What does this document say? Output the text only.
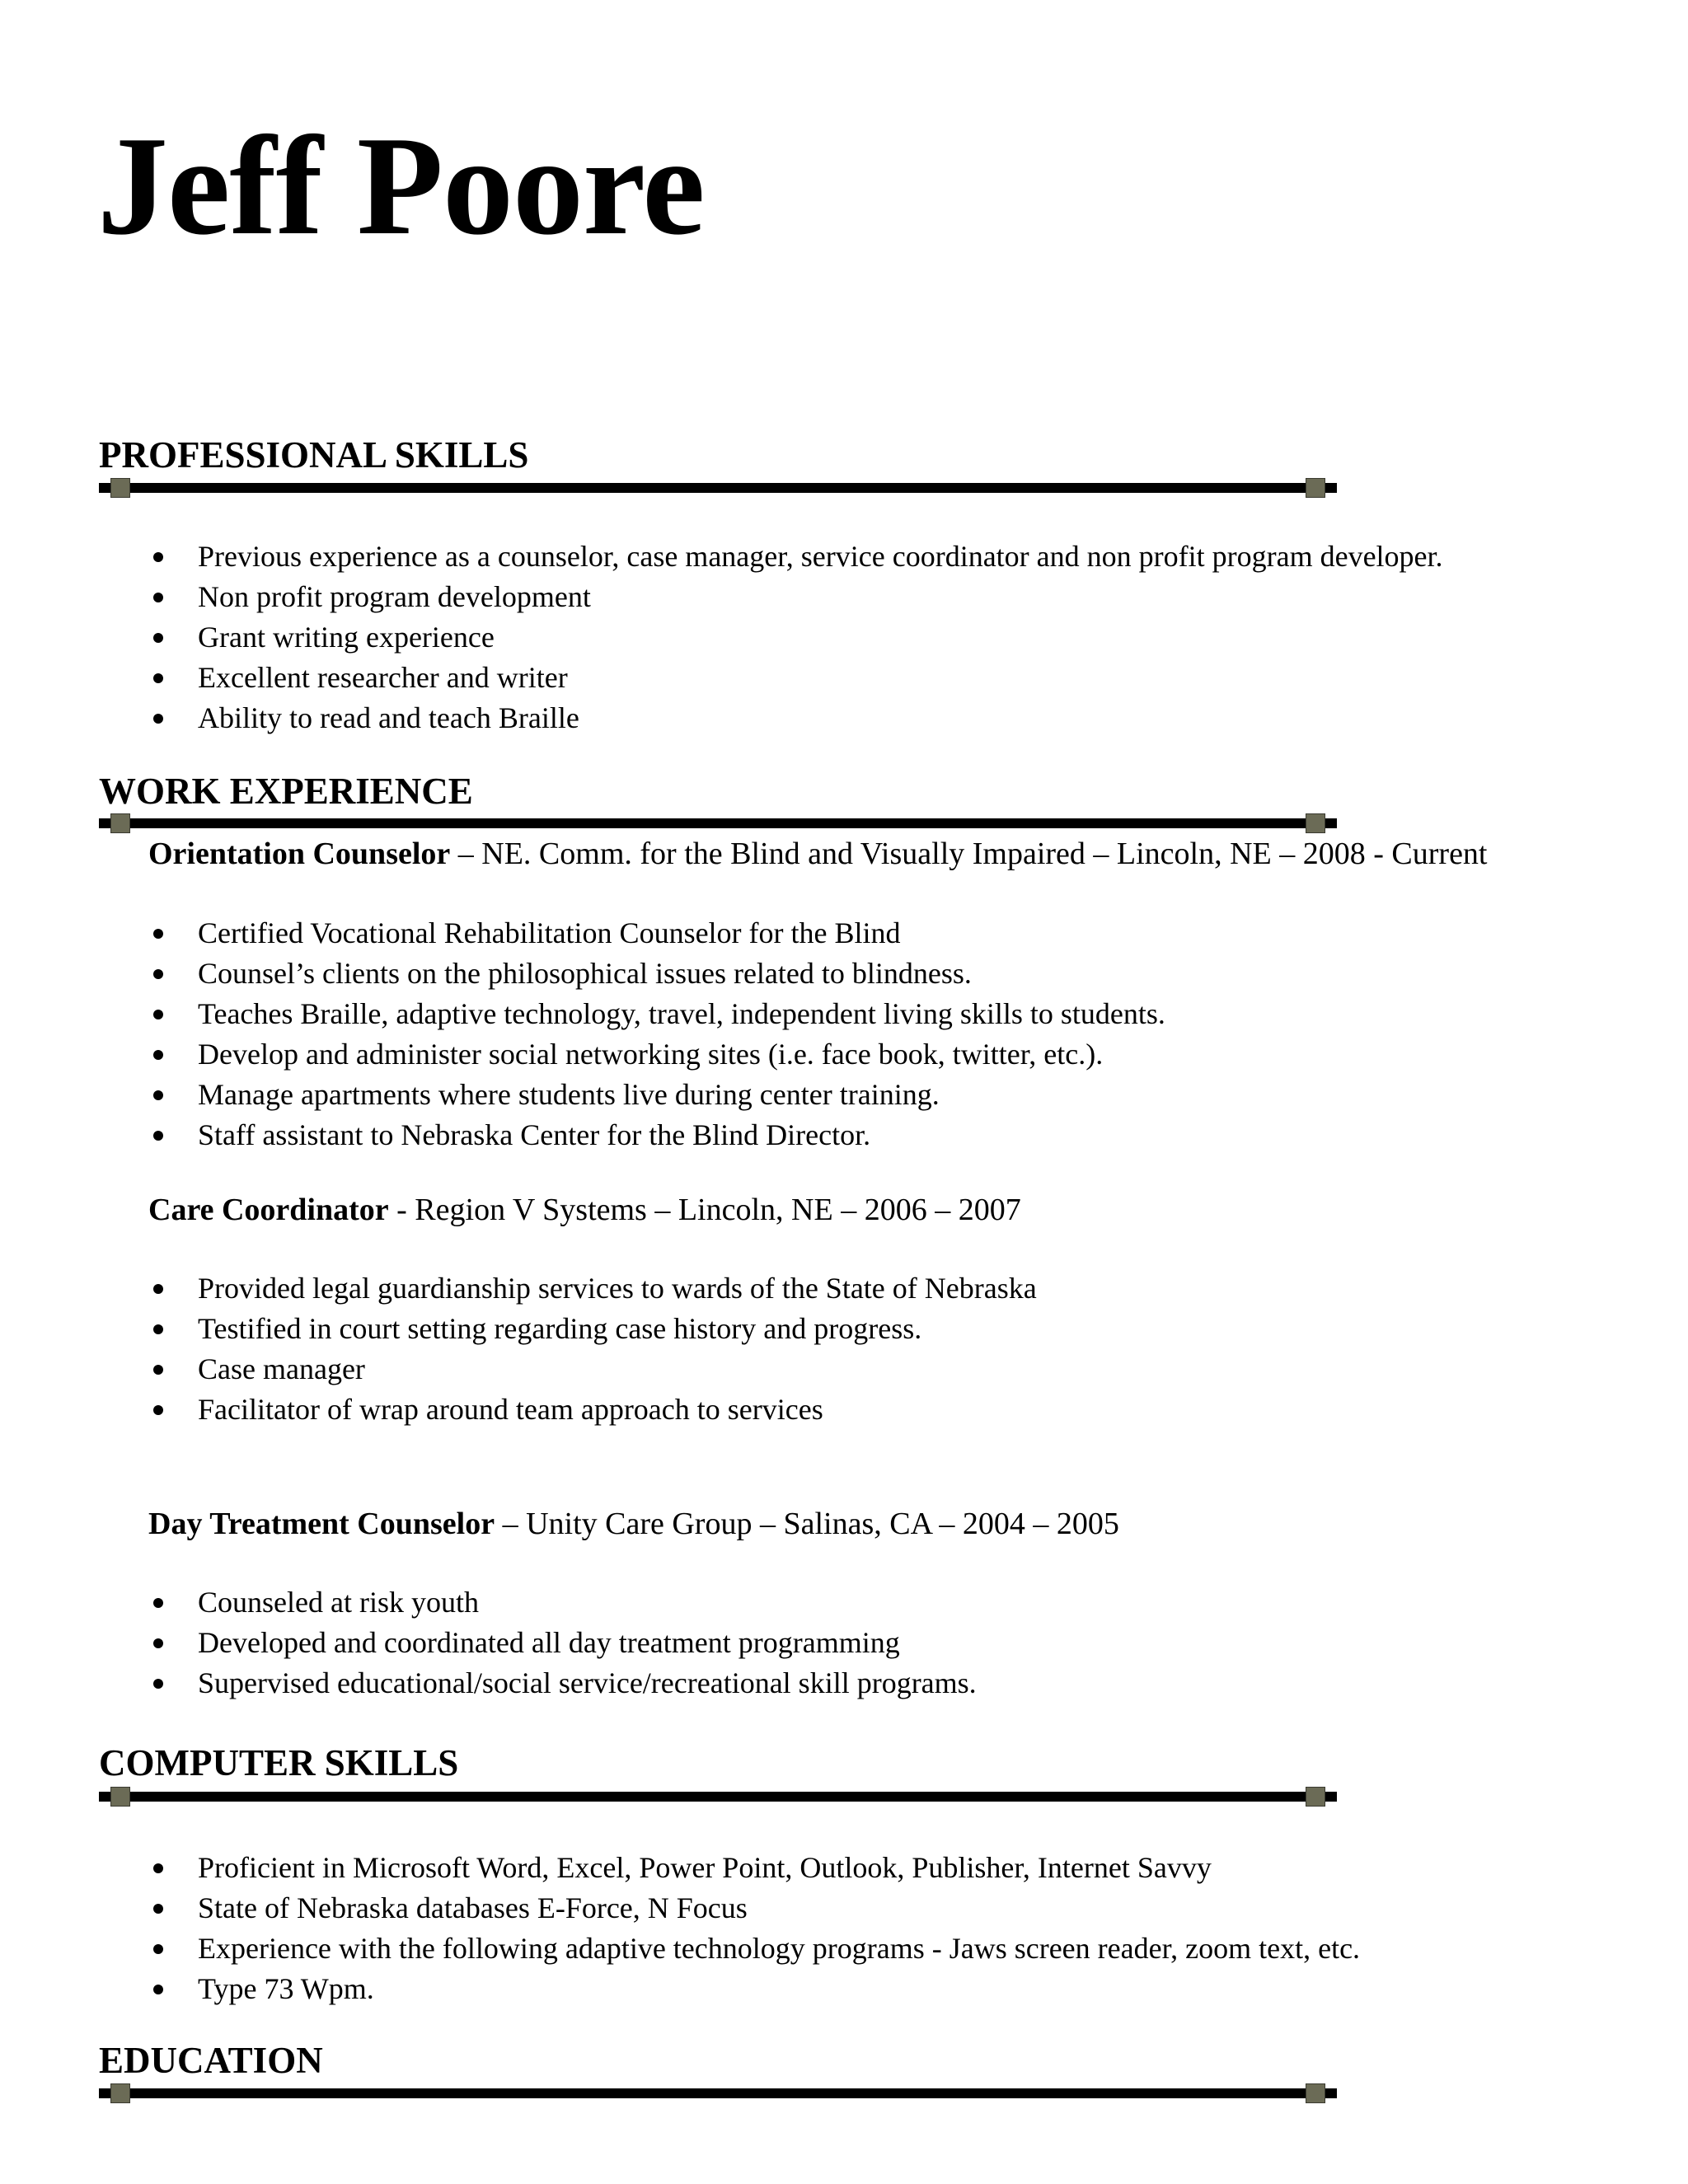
Jeff Poore
PROFESSIONAL SKILLS
Previous experience as a counselor, case manager, service coordinator and non profit program developer.
Non profit program development
Grant writing experience
Excellent researcher and writer
Ability to read and teach Braille
WORK EXPERIENCE

Orientation Counselor – NE. Comm. for the Blind and Visually Impaired – Lincoln, NE – 2008 - Current

Certified Vocational Rehabilitation Counselor for the Blind
Counsel’s clients on the philosophical issues related to blindness.
Teaches Braille, adaptive technology, travel, independent living skills to students.
Develop and administer social networking sites (i.e. face book, twitter, etc.).
Manage apartments where students live during center training.
Staff assistant to Nebraska Center for the Blind Director.

Care Coordinator - Region V Systems – Lincoln, NE – 2006 – 2007

Provided legal guardianship services to wards of the State of Nebraska
Testified in court setting regarding case history and progress.
Case manager
Facilitator of wrap around team approach to services

Day Treatment Counselor – Unity Care Group – Salinas, CA – 2004 – 2005

Counseled at risk youth
Developed and coordinated all day treatment programming
Supervised educational/social service/recreational skill programs.
COMPUTER SKILLS
Proficient in Microsoft Word, Excel, Power Point, Outlook, Publisher, Internet Savvy
State of Nebraska databases E-Force, N Focus
Experience with the following adaptive technology programs - Jaws screen reader, zoom text, etc.
Type 73 Wpm.
EDUCATION
